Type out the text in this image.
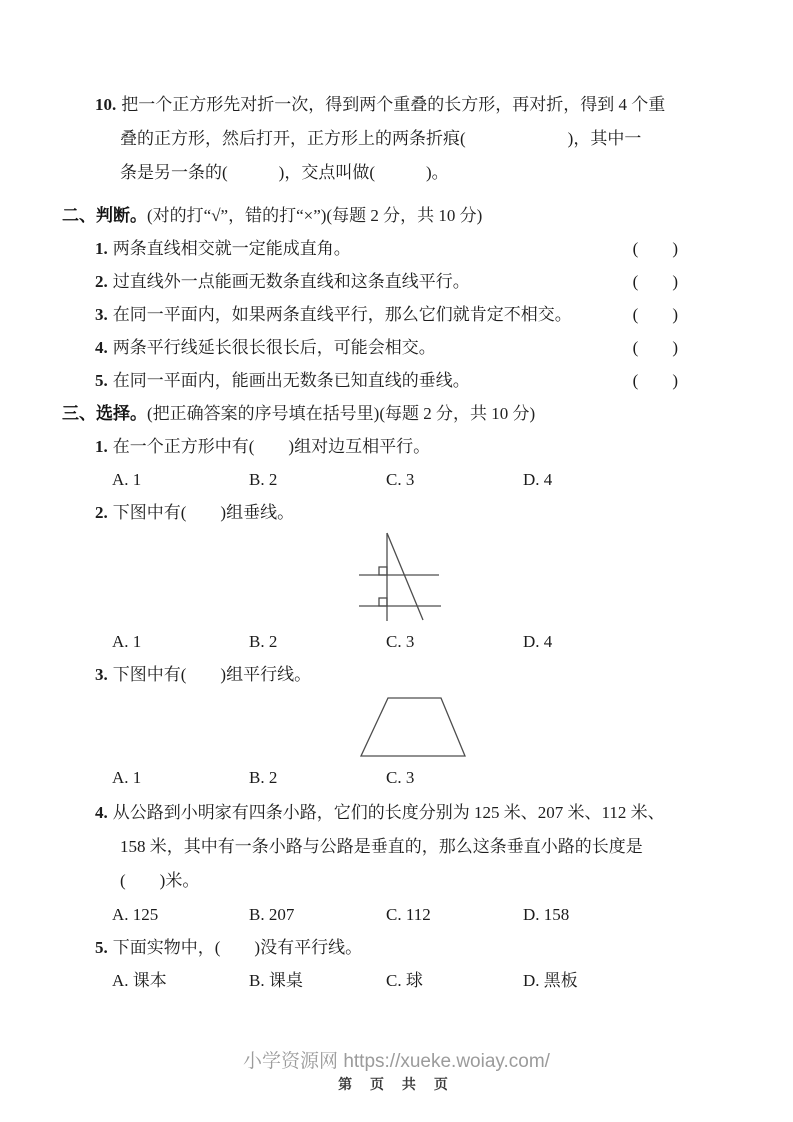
10. 把一个正方形先对折一次，得到两个重叠的长方形，再对折，得到 4 个重
叠的正方形，然后打开，正方形上的两条折痕(　　　　　　)，其中一
条是另一条的(　　　)，交点叫做(　　　)。
二、判断。(对的打“√”，错的打“×”)(每题 2 分，共 10 分)
1. 两条直线相交就一定能成直角。	(　　)
2. 过直线外一点能画无数条直线和这条直线平行。	(　　)
3. 在同一平面内，如果两条直线平行，那么它们就肯定不相交。	(　　)
4. 两条平行线延长很长很长后，可能会相交。	(　　)
5. 在同一平面内，能画出无数条已知直线的垂线。	(　　)
三、选择。(把正确答案的序号填在括号里)(每题 2 分，共 10 分)
1. 在一个正方形中有(　　)组对边互相平行。
A. 1	B. 2	C. 3	D. 4
2. 下图中有(　　)组垂线。
A. 1	B. 2	C. 3	D. 4
3. 下图中有(　　)组平行线。
A. 1	B. 2	C. 3
4. 从公路到小明家有四条小路，它们的长度分别为 125 米、207 米、112 米、
158 米，其中有一条小路与公路是垂直的，那么这条垂直小路的长度是
(　　)米。
A. 125	B. 207	C. 112	D. 158
5. 下面实物中，(　　)没有平行线。
A. 课本	B. 课桌	C. 球	D. 黑板
小学资源网 https://xueke.woiay.com/
第 页 共 页
